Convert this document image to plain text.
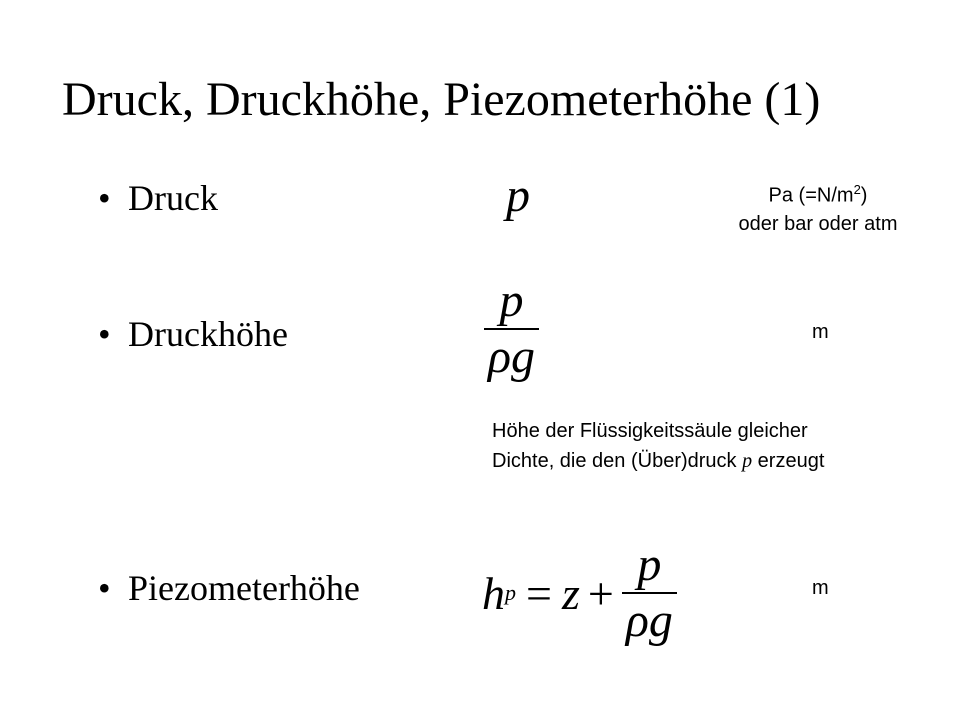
Druck, Druckhöhe, Piezometerhöhe (1)
• Druck	p	Pa $(=N/m^2)$
oder bar oder atm
• Druckhöhe	$\frac{p}{\rho g}$	m
Höhe der Flüssigkeitssäule gleicher
Dichte, die den (Über)druck p erzeugt
• Piezometerhöhe	h $p = z + \frac{p}{\rho g}$	m
